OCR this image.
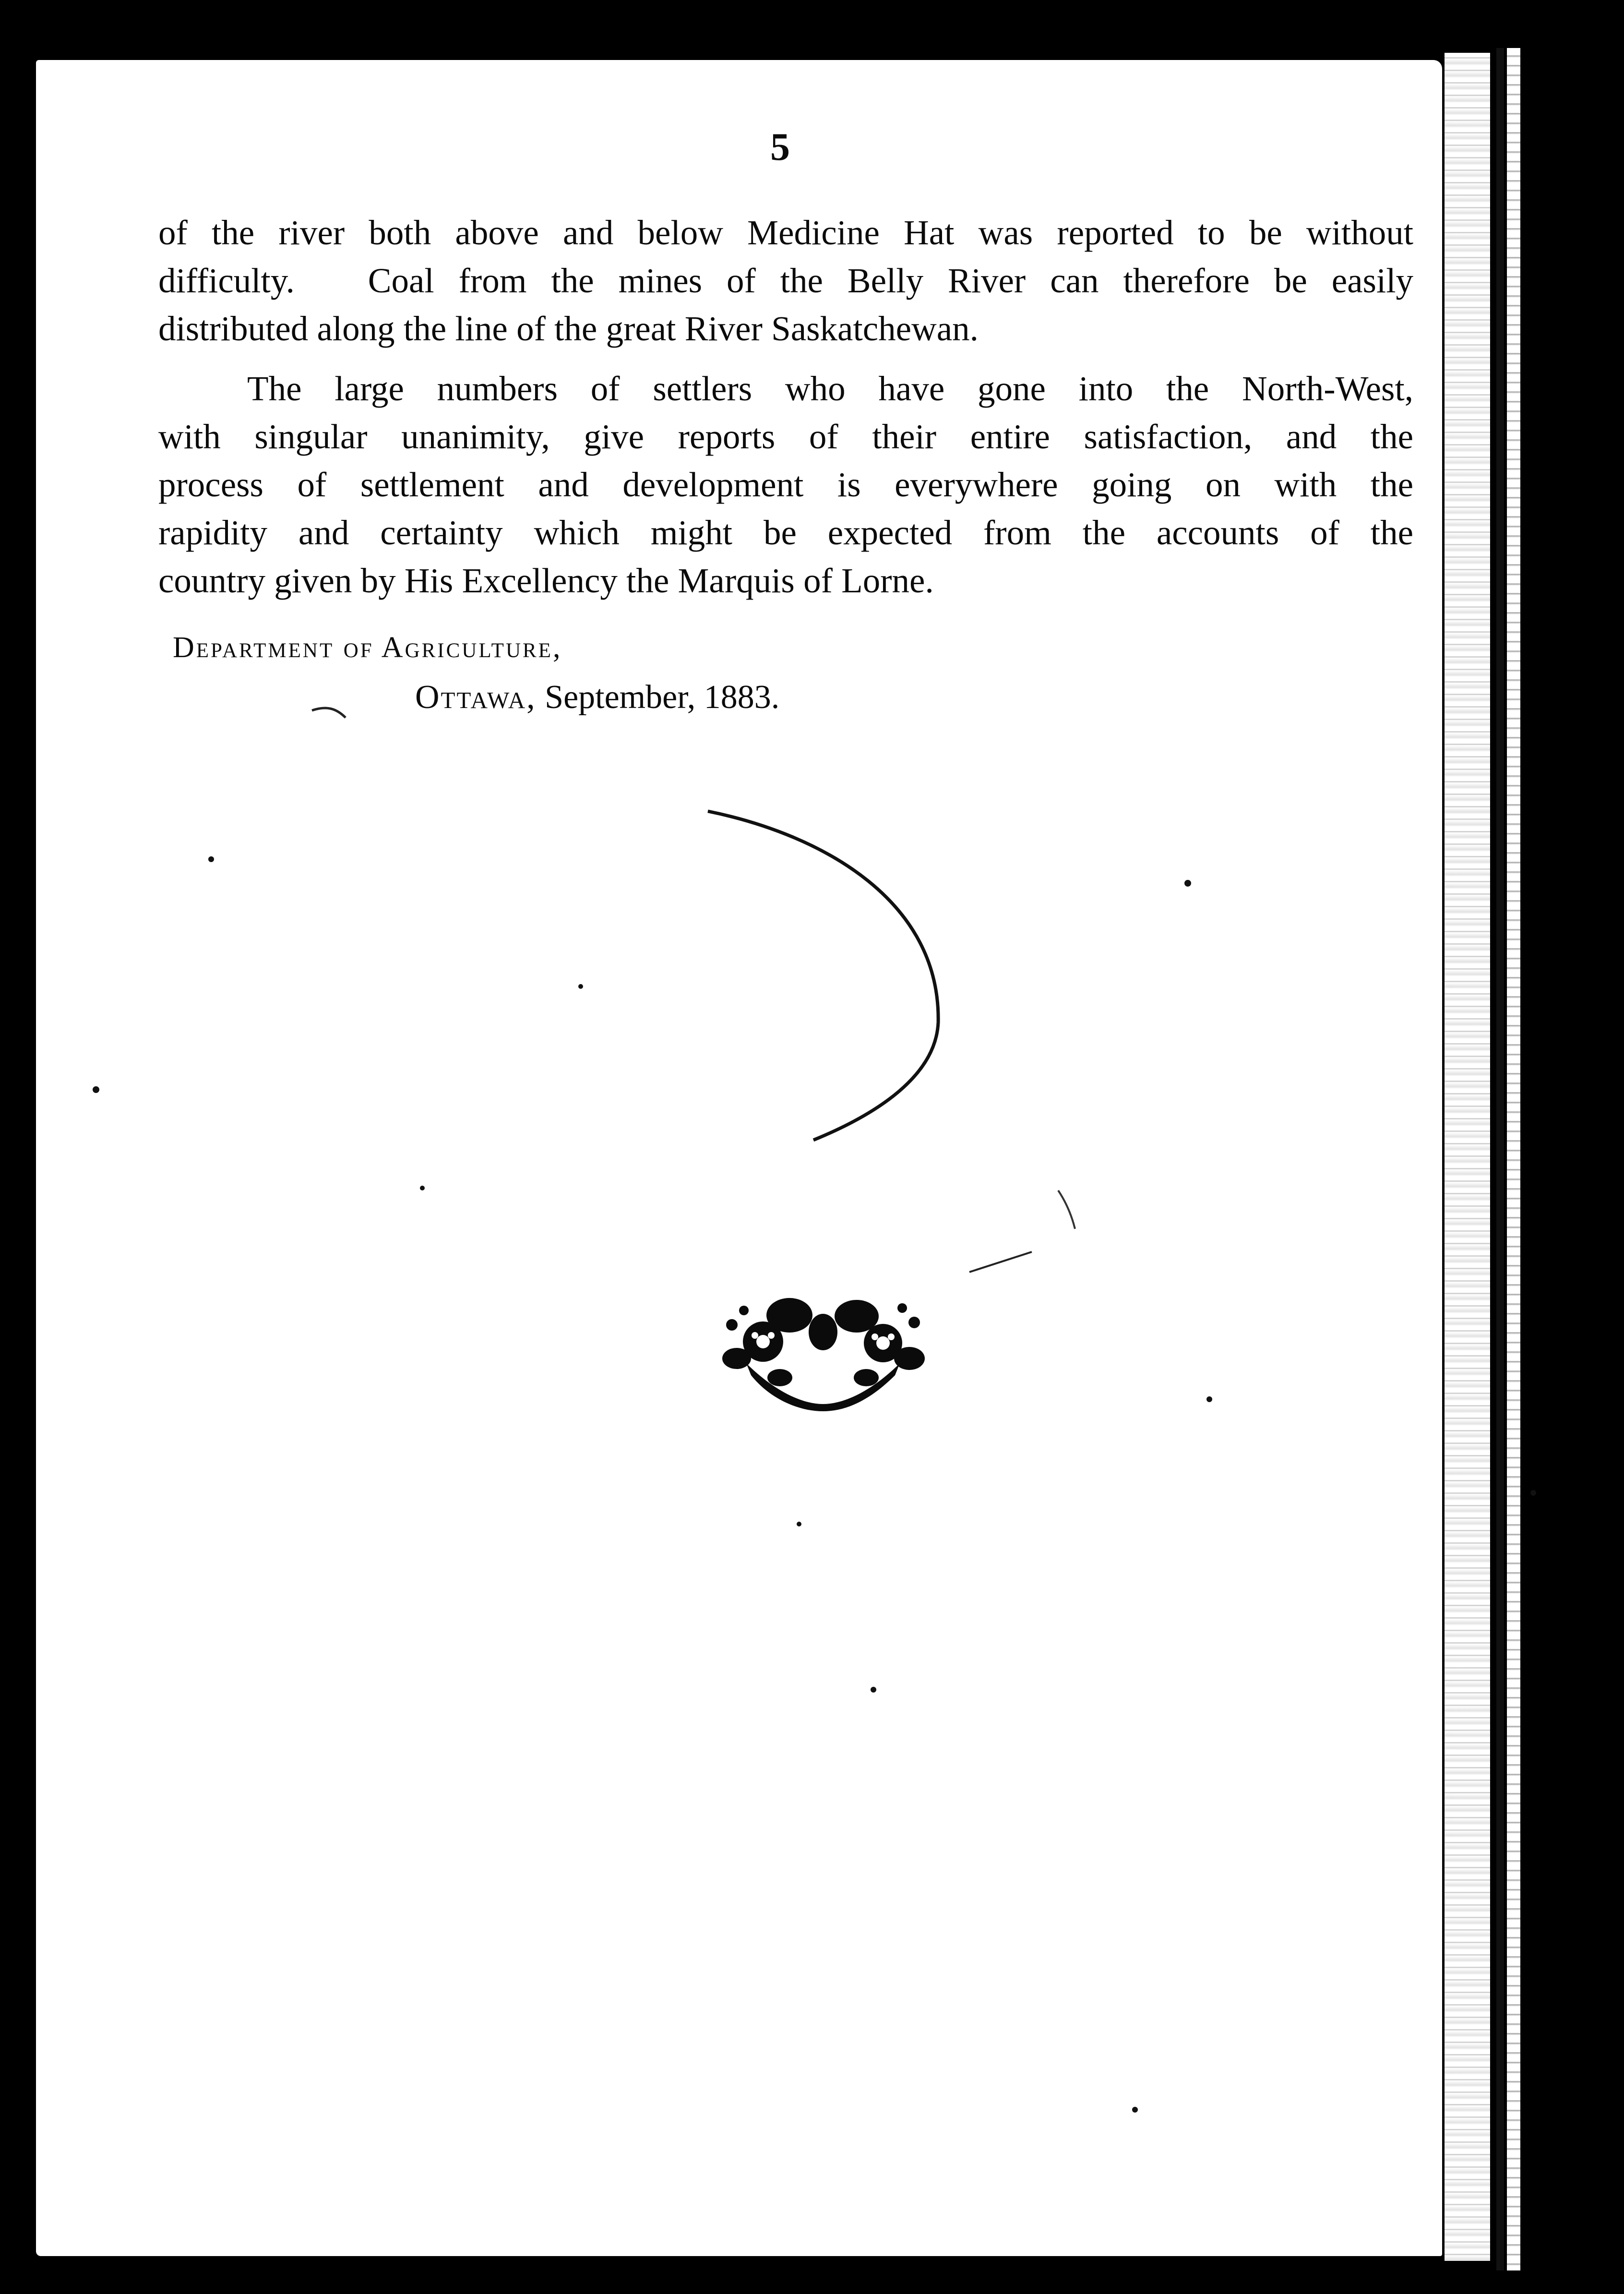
5
of the river both above and below Medicine Hat was reported to be without
difficulty.   Coal from the mines of the Belly River can therefore be easily
distributed along the line of the great River Saskatchewan.
The large numbers of settlers who have gone into the North-West,
with singular unanimity, give reports of their entire satisfaction, and the
process of settlement and development is everywhere going on with the
rapidity and certainty which might be expected from the accounts of the
country given by His Excellency the Marquis of Lorne.
Department of Agriculture,
Ottawa, September, 1883.
